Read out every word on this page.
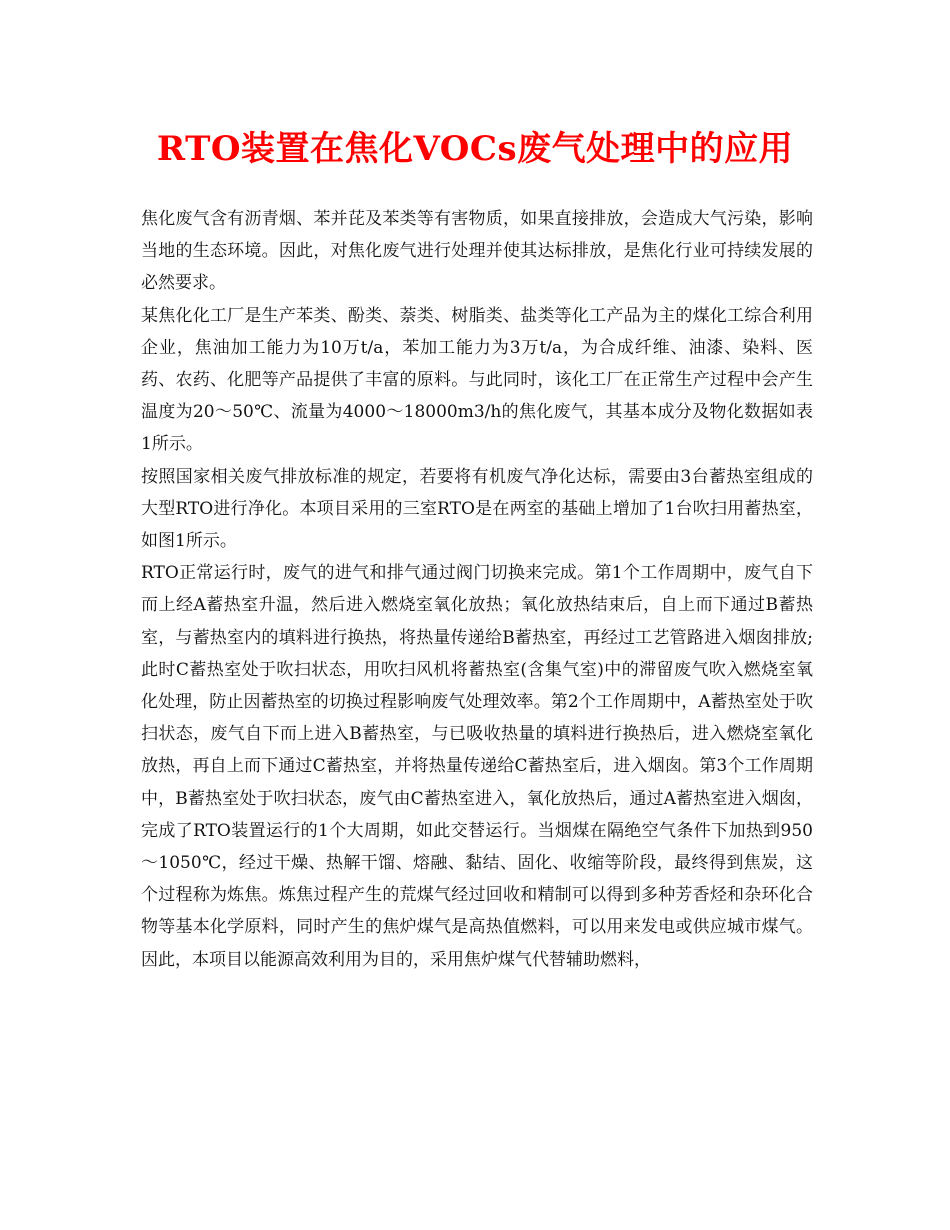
RTO装置在焦化VOCs废气处理中的应用

焦化废气含有沥青烟、苯并芘及苯类等有害物质，如果直接排放，会造成大气污染，影响当地的生态环境。因此，对焦化废气进行处理并使其达标排放，是焦化行业可持续发展的必然要求。

某焦化化工厂是生产苯类、酚类、萘类、树脂类、盐类等化工产品为主的煤化工综合利用企业，焦油加工能力为10万t/a，苯加工能力为3万t/a，为合成纤维、油漆、染料、医药、农药、化肥等产品提供了丰富的原料。与此同时，该化工厂在正常生产过程中会产生温度为20～50℃、流量为4000～18000m3/h的焦化废气，其基本成分及物化数据如表1所示。

按照国家相关废气排放标准的规定，若要将有机废气净化达标，需要由3台蓄热室组成的大型RTO进行净化。本项目采用的三室RTO是在两室的基础上增加了1台吹扫用蓄热室，如图1所示。

RTO正常运行时，废气的进气和排气通过阀门切换来完成。第1个工作周期中，废气自下而上经A蓄热室升温，然后进入燃烧室氧化放热；氧化放热结束后，自上而下通过B蓄热室，与蓄热室内的填料进行换热，将热量传递给B蓄热室，再经过工艺管路进入烟囱排放;此时C蓄热室处于吹扫状态，用吹扫风机将蓄热室(含集气室)中的滞留废气吹入燃烧室氧化处理，防止因蓄热室的切换过程影响废气处理效率。第2个工作周期中，A蓄热室处于吹扫状态，废气自下而上进入B蓄热室，与已吸收热量的填料进行换热后，进入燃烧室氧化放热，再自上而下通过C蓄热室，并将热量传递给C蓄热室后，进入烟囱。第3个工作周期中，B蓄热室处于吹扫状态，废气由C蓄热室进入，氧化放热后，通过A蓄热室进入烟囱，完成了RTO装置运行的1个大周期，如此交替运行。当烟煤在隔绝空气条件下加热到950～1050℃，经过干燥、热解干馏、熔融、黏结、固化、收缩等阶段，最终得到焦炭，这个过程称为炼焦。炼焦过程产生的荒煤气经过回收和精制可以得到多种芳香烃和杂环化合物等基本化学原料，同时产生的焦炉煤气是高热值燃料，可以用来发电或供应城市煤气。因此，本项目以能源高效利用为目的，采用焦炉煤气代替辅助燃料，
